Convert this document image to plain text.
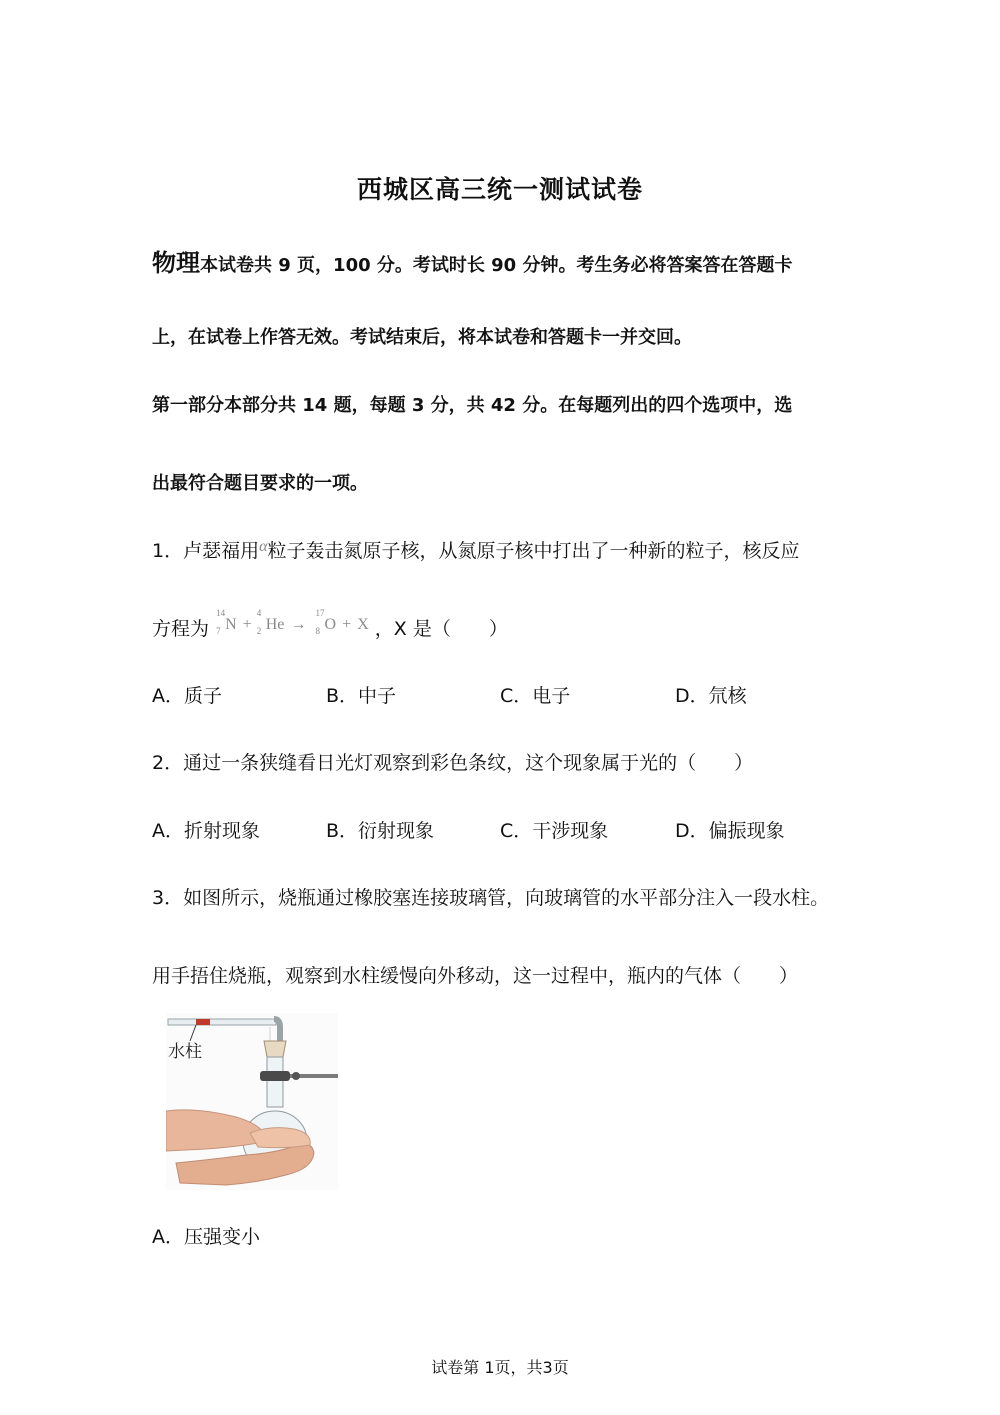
西城区高三统一测试试卷
物理本试卷共 9 页，100 分。考试时长 90 分钟。考生务必将答案答在答题卡
上，在试卷上作答无效。考试结束后，将本试卷和答题卡一并交回。
第一部分本部分共 14 题，每题 3 分，共 42 分。在每题列出的四个选项中，选
出最符合题目要求的一项。
1．卢瑟福用$^\alpha$粒子轰击氮原子核，从氮原子核中打出了一种新的粒子，核反应
方程为
14
7 N +
4
2 He →
17
8 O + X ，X 是（　　）
A．质子	B．中子	C．电子	D．氘核
2．通过一条狭缝看日光灯观察到彩色条纹，这个现象属于光的（　　）
A．折射现象	B．衍射现象	C．干涉现象	D．偏振现象
3．如图所示，烧瓶通过橡胶塞连接玻璃管，向玻璃管的水平部分注入一段水柱。
用手捂住烧瓶，观察到水柱缓慢向外移动，这一过程中，瓶内的气体（　　）
水柱
A．压强变小
试卷第 1页，共3页
